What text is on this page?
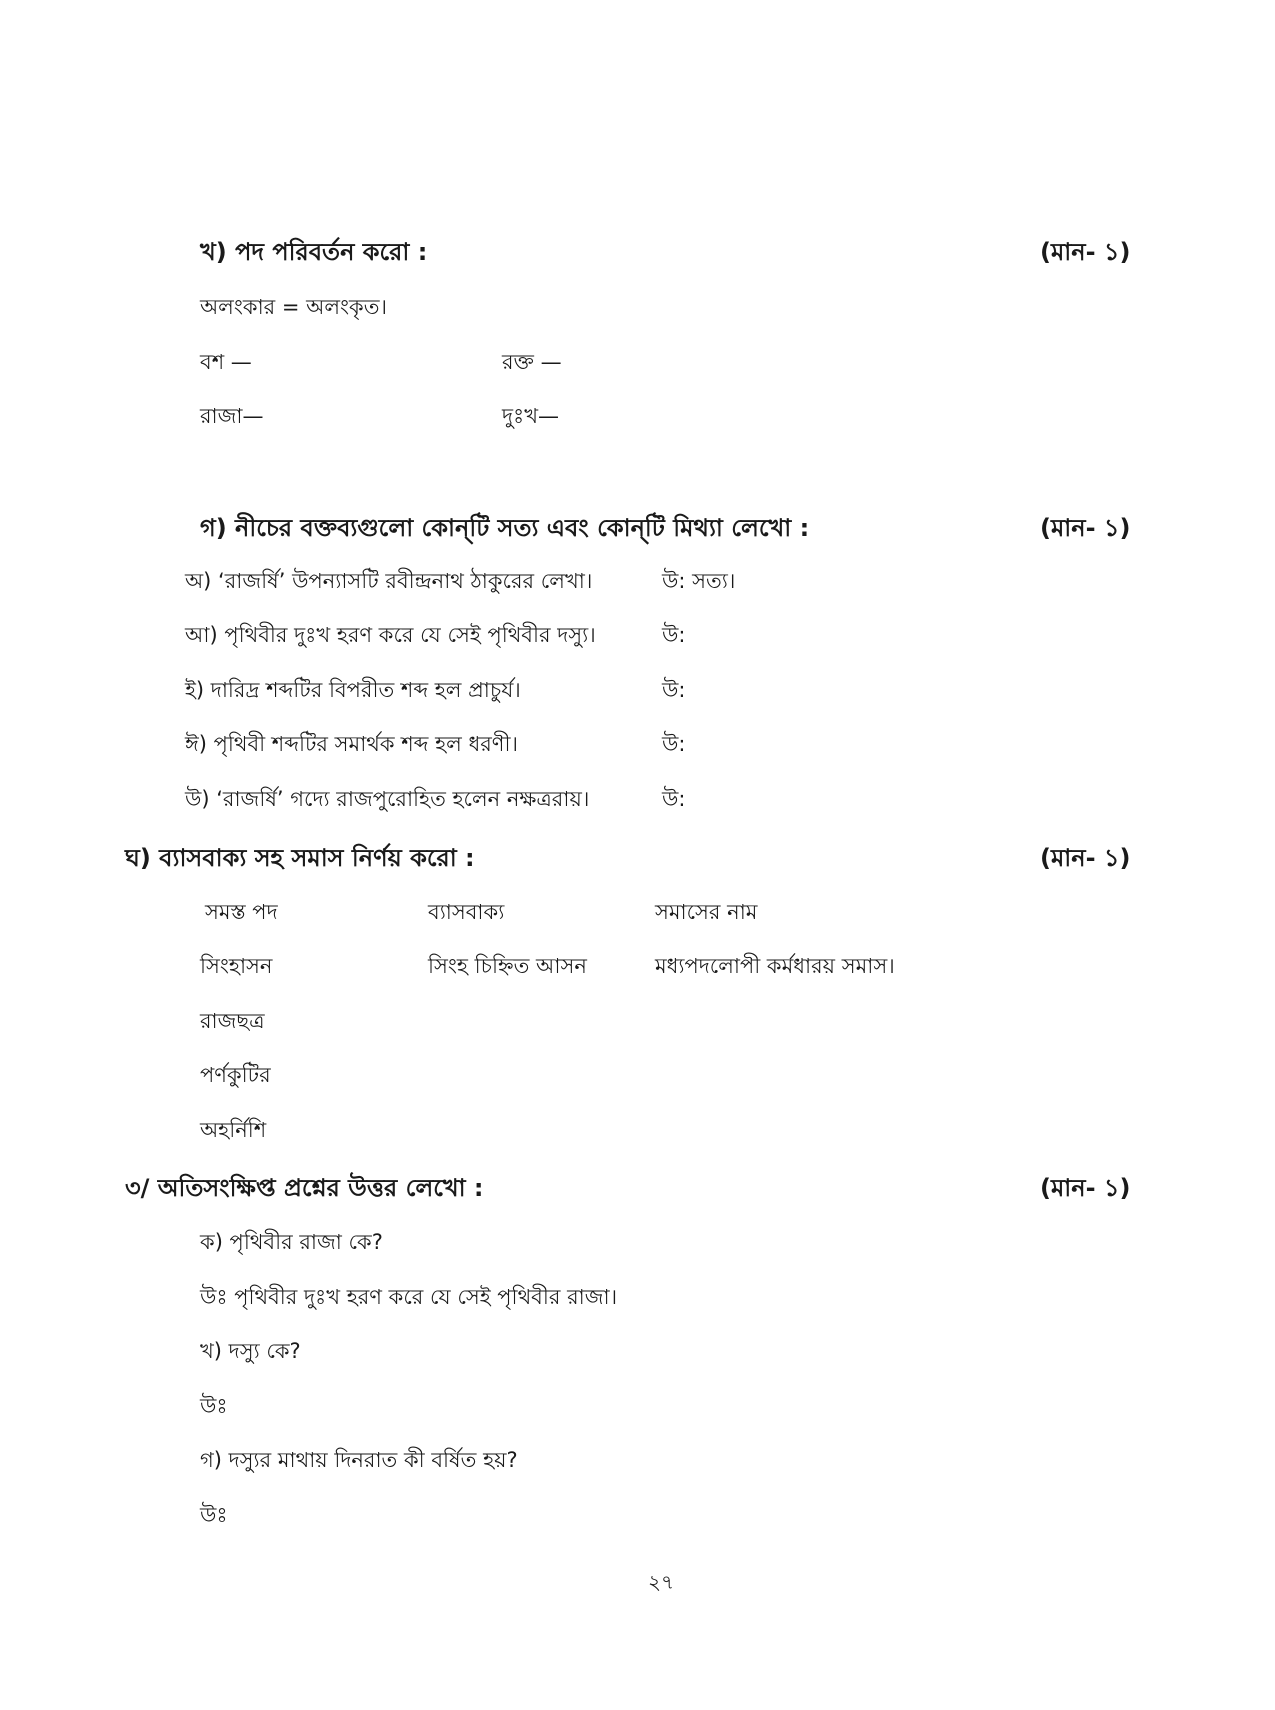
খ) পদ পরিবর্তন করো :	(মান- ১)
অলংকার = অলংকৃত।
বশ —	রক্ত —
রাজা—	দুঃখ—
গ) নীচের বক্তব্যগুলো কোন্‌টি সত্য এবং কোন্‌টি মিথ্যা লেখো :	(মান- ১)
অ) ‘রাজর্ষি’ উপন্যাসটি রবীন্দ্রনাথ ঠাকুরের লেখা।	উ: সত্য।
আ) পৃথিবীর দুঃখ হরণ করে যে সেই পৃথিবীর দস্যু।	উ:
ই) দারিদ্র শব্দটির বিপরীত শব্দ হল প্রাচুর্য।	উ:
ঈ) পৃথিবী শব্দটির সমার্থক শব্দ হল ধরণী।	উ:
উ) ‘রাজর্ষি’ গদ্যে রাজপুরোহিত হলেন নক্ষত্ররায়।	উ:
ঘ) ব্যাসবাক্য সহ সমাস নির্ণয় করো :	(মান- ১)
সমস্ত পদ	ব্যাসবাক্য	সমাসের নাম
সিংহাসন	সিংহ চিহ্নিত আসন	মধ্যপদলোপী কর্মধারয় সমাস।
রাজছত্র
পর্ণকুটির
অহর্নিশি
৩/ অতিসংক্ষিপ্ত প্রশ্নের উত্তর লেখো :	(মান- ১)
ক) পৃথিবীর রাজা কে?
উঃ পৃথিবীর দুঃখ হরণ করে যে সেই পৃথিবীর রাজা।
খ) দস্যু কে?
উঃ
গ) দস্যুর মাথায় দিনরাত কী বর্ষিত হয়?
উঃ
২৭
